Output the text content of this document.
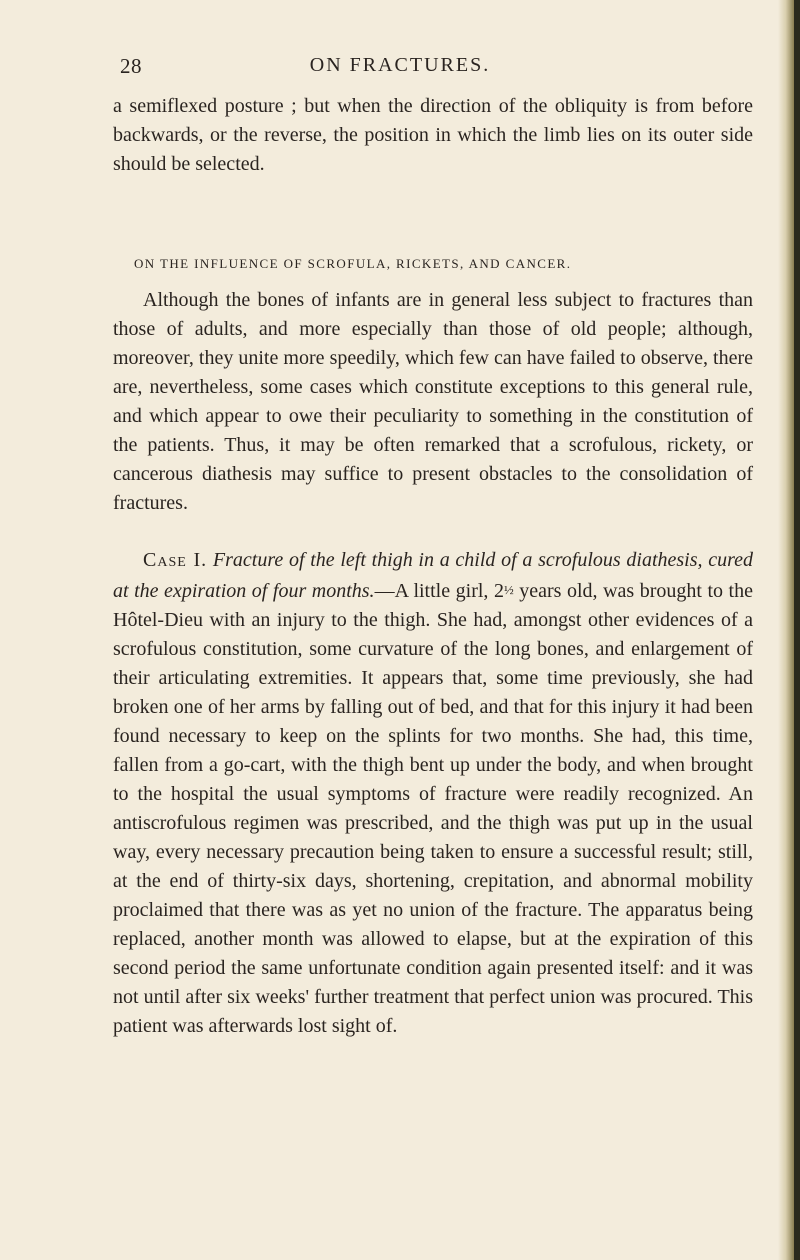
28	ON FRACTURES.

a semiflexed posture ; but when the direction of the obliquity is from before backwards, or the reverse, the position in which the limb lies on its outer side should be selected.

ON THE INFLUENCE OF SCROFULA, RICKETS, AND CANCER.

Although the bones of infants are in general less subject to fractures than those of adults, and more especially than those of old people; although, moreover, they unite more speedily, which few can have failed to observe, there are, nevertheless, some cases which constitute exceptions to this general rule, and which appear to owe their peculiarity to something in the constitution of the patients. Thus, it may be often remarked that a scrofulous, rickety, or cancerous diathesis may suffice to present obstacles to the consolidation of fractures.

Case I. Fracture of the left thigh in a child of a scrofulous diathesis, cured at the expiration of four months.—A little girl, 2½ years old, was brought to the Hôtel-Dieu with an injury to the thigh. She had, amongst other evidences of a scrofulous constitution, some curvature of the long bones, and enlargement of their articulating extremities. It appears that, some time previously, she had broken one of her arms by falling out of bed, and that for this injury it had been found necessary to keep on the splints for two months. She had, this time, fallen from a go-cart, with the thigh bent up under the body, and when brought to the hospital the usual symptoms of fracture were readily recognized. An antiscrofulous regimen was prescribed, and the thigh was put up in the usual way, every necessary precaution being taken to ensure a successful result; still, at the end of thirty-six days, shortening, crepitation, and abnormal mobility proclaimed that there was as yet no union of the fracture. The apparatus being replaced, another month was allowed to elapse, but at the expiration of this second period the same unfortunate condition again presented itself: and it was not until after six weeks' further treatment that perfect union was procured. This patient was afterwards lost sight of.
